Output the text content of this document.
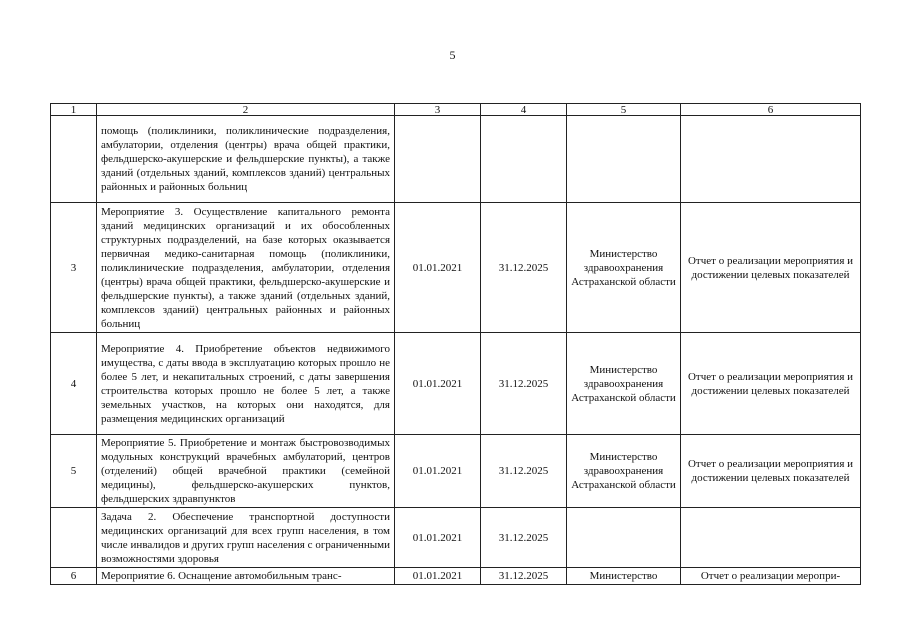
5
1	2	3	4	5	6
	помощь (поликлиники, поликлинические подразделения, амбулатории, отделения (центры) врача общей практики, фельдшерско-акушерские и фельдшерские пункты), а также зданий (отдельных зданий, комплексов зданий) центральных районных и районных больниц				
3	Мероприятие 3. Осуществление капитального ремонта зданий медицинских организаций и их обособленных структурных подразделений, на базе которых оказывается первичная медико-санитарная помощь (поликлиники, поликлинические подразделения, амбулатории, отделения (центры) врача общей практики, фельдшерско-акушерские и фельдшерские пункты), а также зданий (отдельных зданий, комплексов зданий) центральных районных и районных больниц	01.01.2021	31.12.2025	Министерство здравоохранения Астраханской области	Отчет о реализации мероприятия и достижении целевых показателей
4	Мероприятие 4. Приобретение объектов недвижимого имущества, с даты ввода в эксплуатацию которых прошло не более 5 лет, и некапитальных строений, с даты завершения строительства которых прошло не более 5 лет, а также земельных участков, на которых они находятся, для размещения медицинских организаций	01.01.2021	31.12.2025	Министерство здравоохранения Астраханской области	Отчет о реализации мероприятия и достижении целевых показателей
5	Мероприятие 5. Приобретение и монтаж быстровозводимых модульных конструкций врачебных амбулаторий, центров (отделений) общей врачебной практики (семейной медицины), фельдшерско-акушерских пунктов, фельдшерских здравпунктов	01.01.2021	31.12.2025	Министерство здравоохранения Астраханской области	Отчет о реализации мероприятия и достижении целевых показателей
	Задача 2. Обеспечение транспортной доступности медицинских организаций для всех групп населения, в том числе инвалидов и других групп населения с ограниченными возможностями здоровья	01.01.2021	31.12.2025		
6	Мероприятие 6. Оснащение автомобильным транс-	01.01.2021	31.12.2025	Министерство	Отчет о реализации меропри-
